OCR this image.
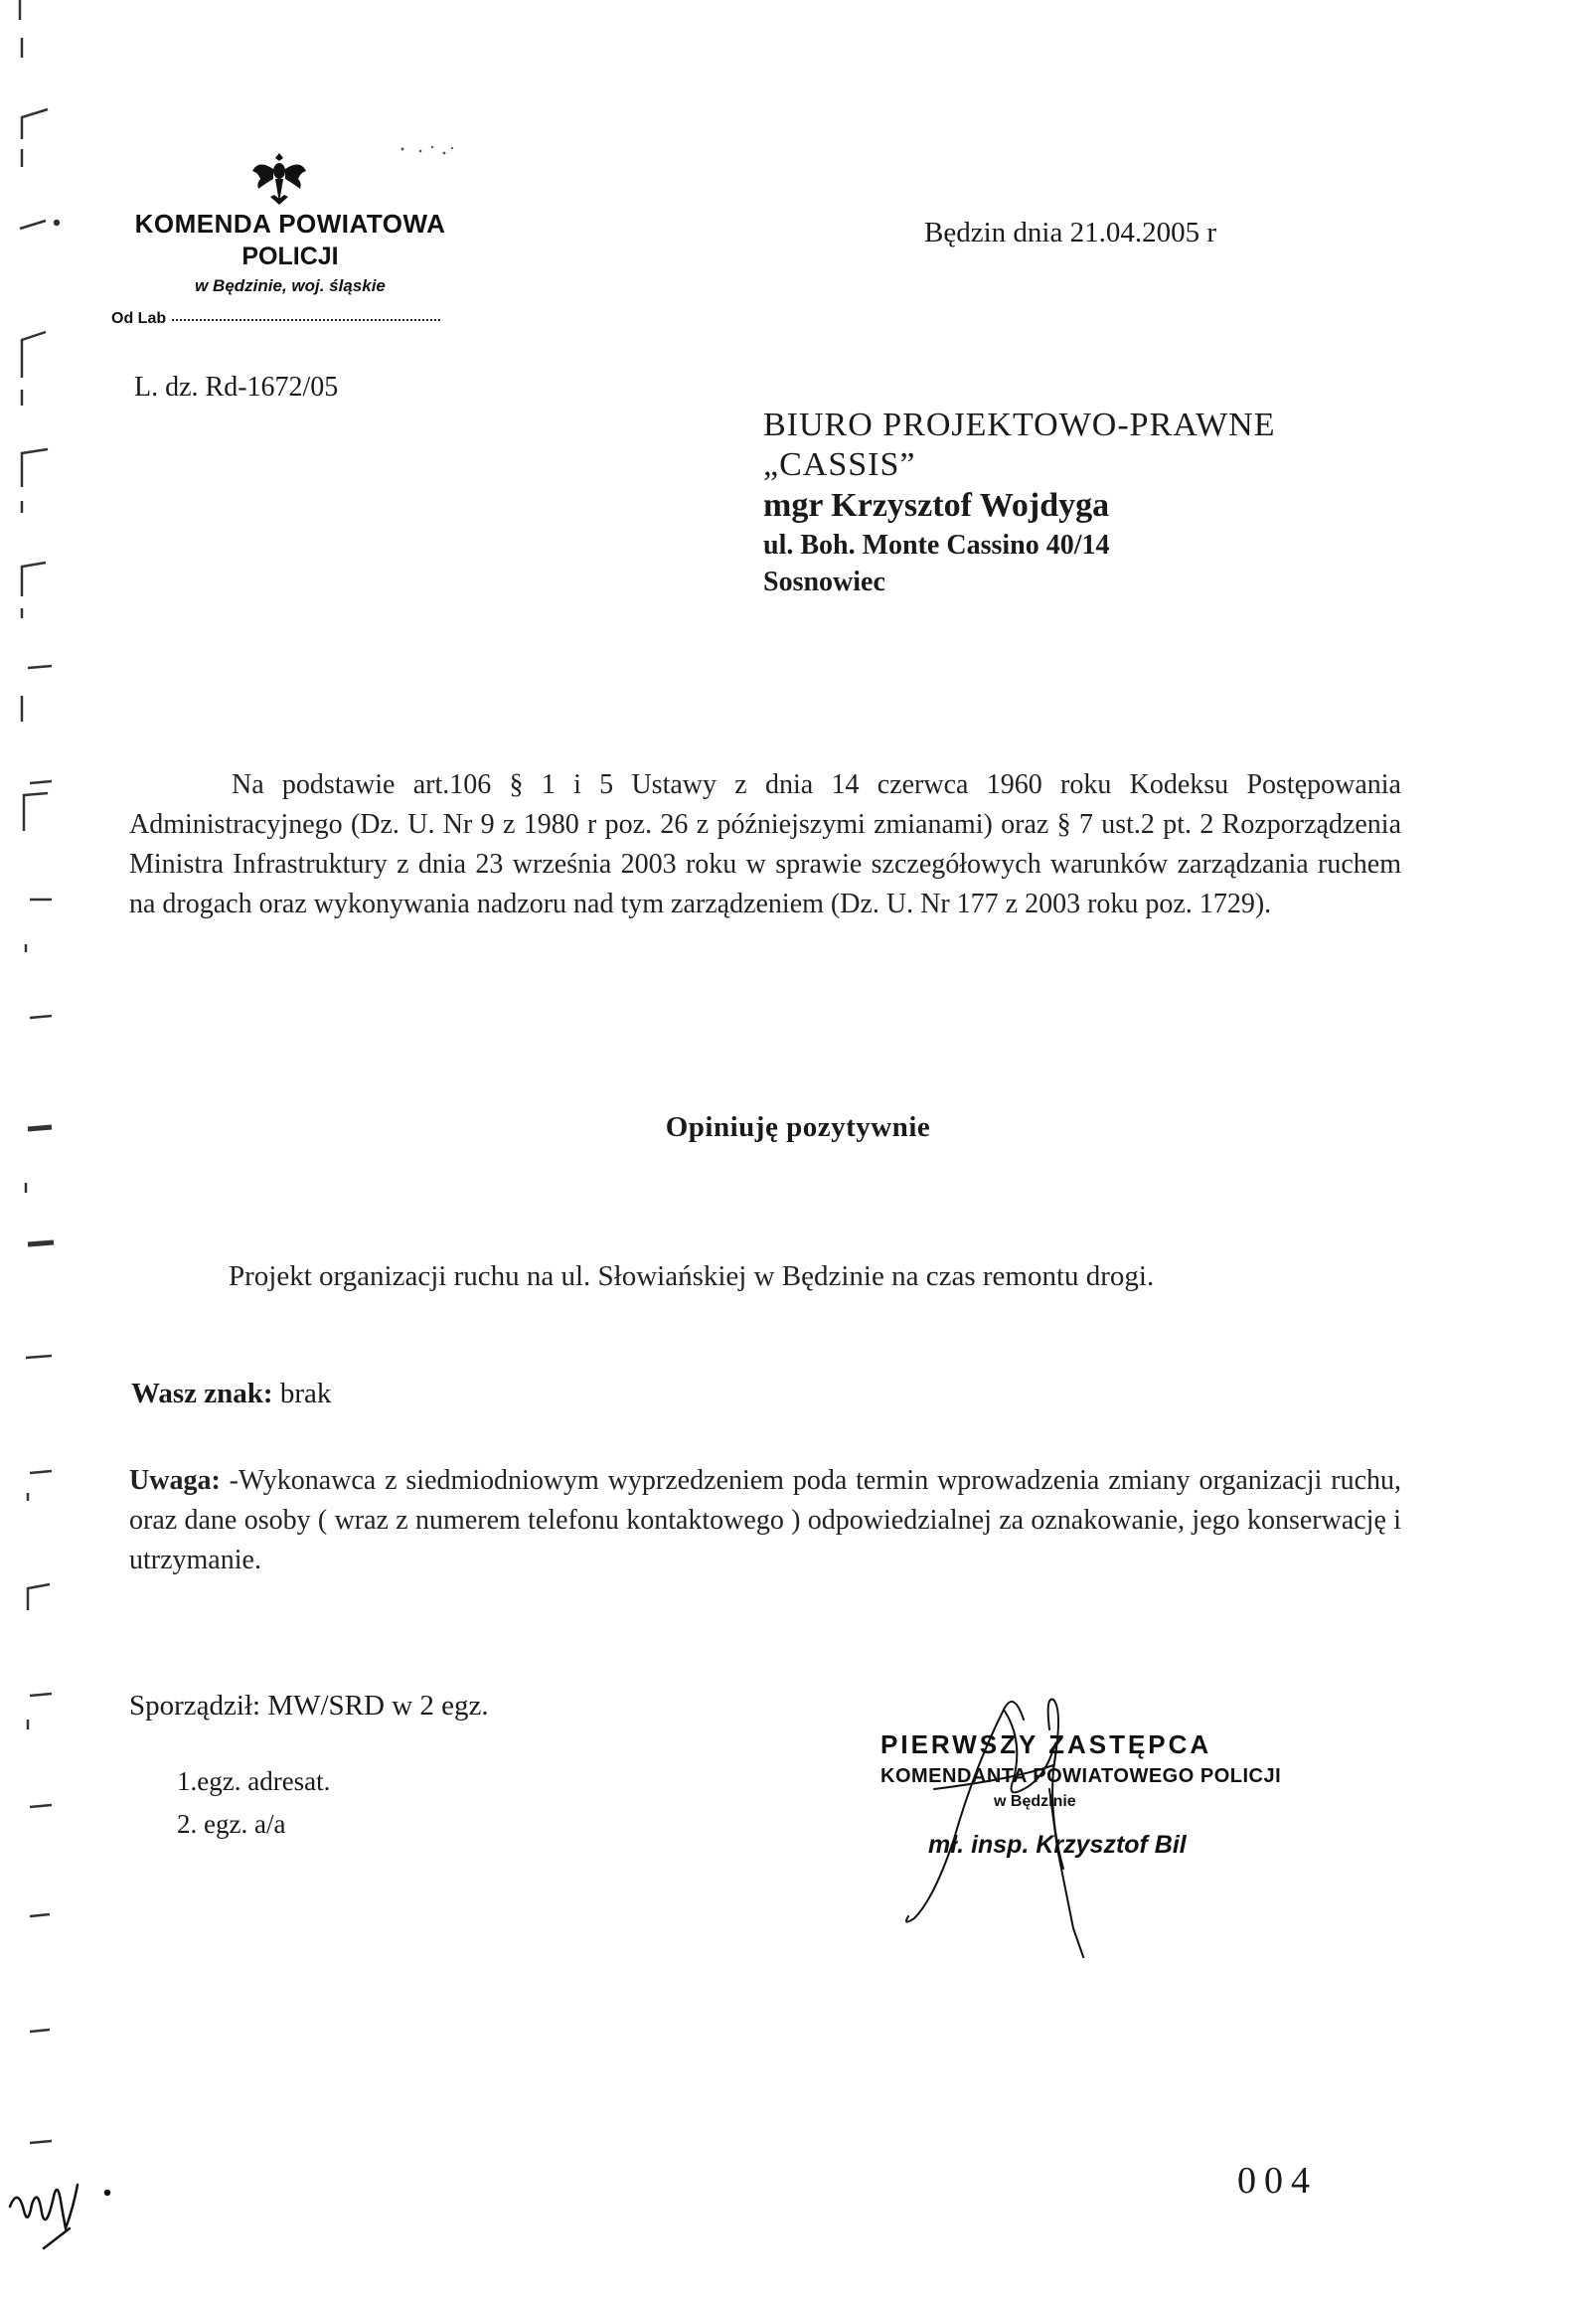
KOMENDA POWIATOWA
POLICJI
w Będzinie, woj. śląskie
Od Lab
Będzin dnia 21.04.2005 r
L. dz. Rd-1672/05
BIURO PROJEKTOWO-PRAWNE
„CASSIS”
mgr Krzysztof Wojdyga
ul. Boh. Monte Cassino 40/14
Sosnowiec
Na podstawie art.106 § 1 i 5 Ustawy z dnia 14 czerwca 1960 roku Kodeksu Postępowania Administracyjnego (Dz. U. Nr 9 z 1980 r poz. 26 z późniejszymi zmianami) oraz § 7 ust.2 pt. 2 Rozporządzenia Ministra Infrastruktury z dnia 23 września 2003 roku w sprawie szczegółowych warunków zarządzania ruchem na drogach oraz wykonywania nadzoru nad tym zarządzeniem (Dz. U. Nr 177 z 2003 roku poz. 1729).
Opiniuję pozytywnie
Projekt organizacji ruchu na ul. Słowiańskiej w Będzinie na czas remontu drogi.
Wasz znak: brak
Uwaga: -Wykonawca z siedmiodniowym wyprzedzeniem poda termin wprowadzenia zmiany organizacji ruchu, oraz dane osoby ( wraz z numerem telefonu kontaktowego ) odpowiedzialnej za oznakowanie, jego konserwację i utrzymanie.
Sporządził: MW/SRD w 2 egz.
1.egz. adresat.
2. egz. a/a
PIERWSZY ZASTĘPCA
KOMENDANTA POWIATOWEGO POLICJI
w Będzinie
mł. insp. Krzysztof Bil
004
